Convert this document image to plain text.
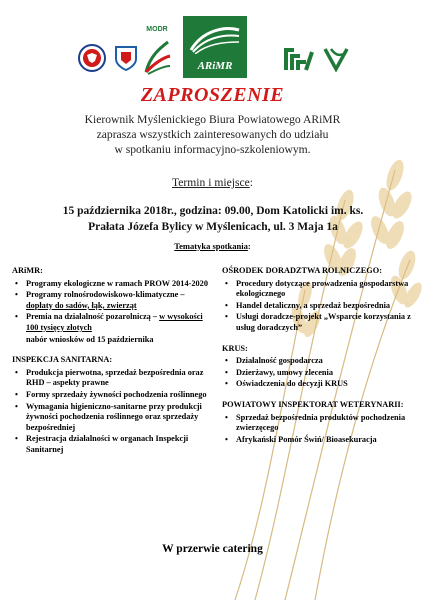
MODR
ARiMR
ZAPROSZENIE
Kierownik Myślenickiego Biura Powiatowego ARiMR
zaprasza wszystkich zainteresowanych do udziału
w spotkaniu informacyjno-szkoleniowym.
Termin i miejsce:
15 października 2018r., godzina: 09.00, Dom Katolicki im. ks.
Prałata Józefa Bylicy w Myślenicach, ul. 3 Maja 1a
Tematyka spotkania:
ARiMR:
• Programy ekologiczne w ramach PROW 2014-2020
• Programy rolnośrodowiskowo-klimatyczne – dopłaty do sadów, łąk, zwierząt
• Premia na działalność pozarolniczą – w wysokości 100 tysięcy złotych
nabór wniosków od 15 października
INSPEKCJA SANITARNA:
• Produkcja pierwotna, sprzedaż bezpośrednia oraz RHD – aspekty prawne
• Formy sprzedaży żywności pochodzenia roślinnego
• Wymagania higieniczno-sanitarne przy produkcji żywności pochodzenia roślinnego oraz sprzedaży bezpośredniej
• Rejestracja działalności w organach Inspekcji Sanitarnej
OŚRODEK DORADZTWA ROLNICZEGO:
• Procedury dotyczące prowadzenia gospodarstwa ekologicznego
• Handel detaliczny, a sprzedaż bezpośrednia
• Usługi doradcze-projekt „Wsparcie korzystania z usług doradczych”
KRUS:
• Działalność gospodarcza
• Dzierżawy, umowy zlecenia
• Oświadczenia do decyzji KRUS
POWIATOWY INSPEKTORAT WETERYNARII:
• Sprzedaż bezpośrednia produktów pochodzenia zwierzęcego
• Afrykański Pomór Świń/ Bioasekuracja
W przerwie catering
